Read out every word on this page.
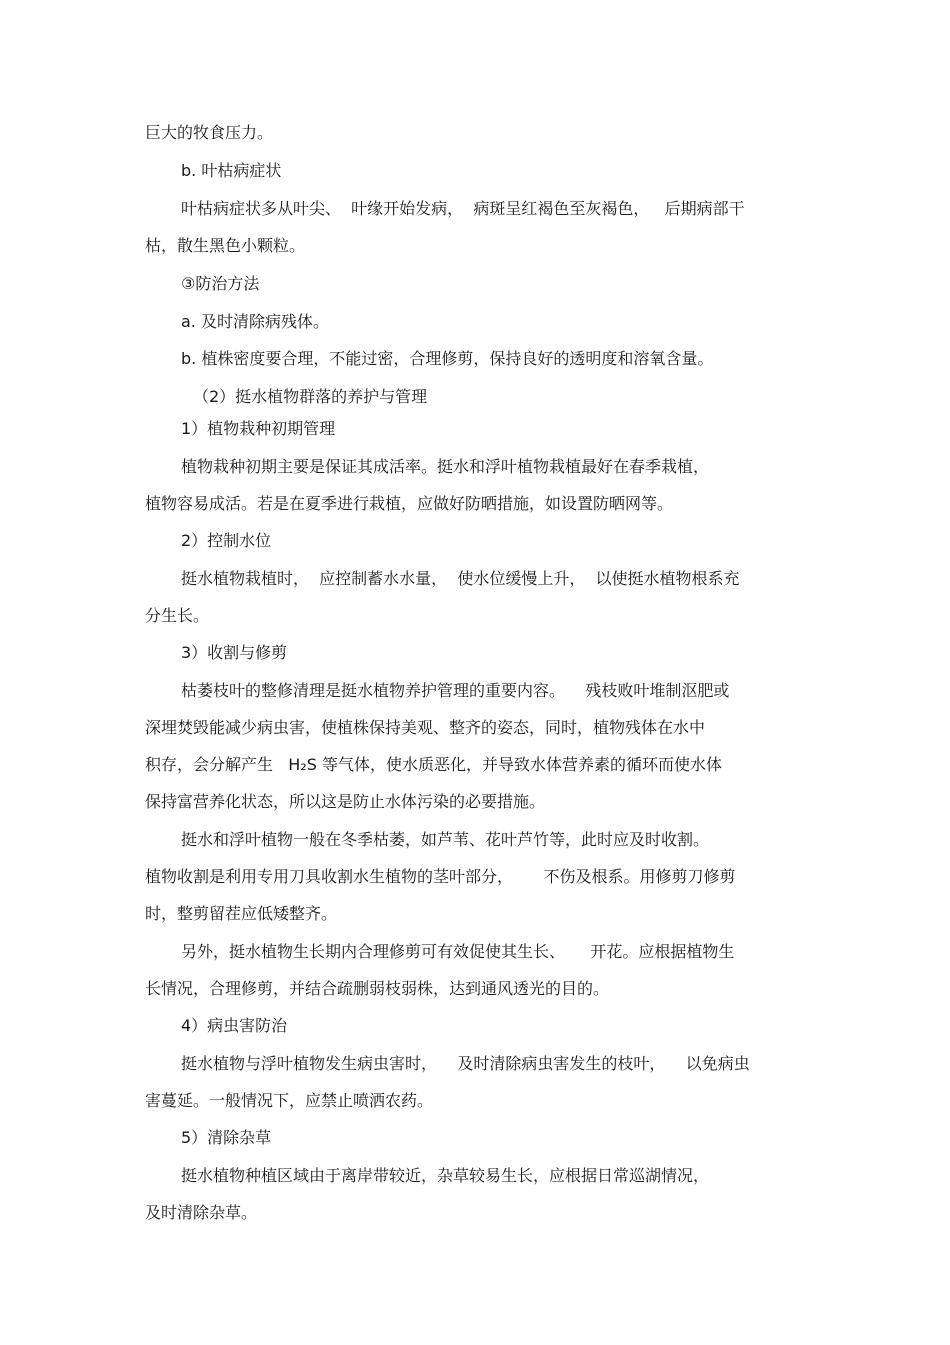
巨大的牧食压力。

b. 叶枯病症状

叶枯病症状多从叶尖、  叶缘开始发病，  病斑呈红褐色至灰褐色，   后期病部干

枯，散生黑色小颗粒。

③防治方法

a. 及时清除病残体。

b. 植株密度要合理，不能过密，合理修剪，保持良好的透明度和溶氧含量。

（2）挺水植物群落的养护与管理

1）植物栽种初期管理

植物栽种初期主要是保证其成活率。挺水和浮叶植物栽植最好在春季栽植，

植物容易成活。若是在夏季进行栽植，应做好防晒措施，如设置防晒网等。

2）控制水位

挺水植物栽植时，  应控制蓄水水量，  使水位缓慢上升，  以使挺水植物根系充

分生长。

3）收割与修剪

枯萎枝叶的整修清理是挺水植物养护管理的重要内容。    残枝败叶堆制沤肥或

深埋焚毁能减少病虫害，使植株保持美观、整齐的姿态，同时，植物残体在水中

积存，会分解产生   H₂S 等气体，使水质恶化，并导致水体营养素的循环而使水体

保持富营养化状态，所以这是防止水体污染的必要措施。

挺水和浮叶植物一般在冬季枯萎，如芦苇、花叶芦竹等，此时应及时收割。

植物收割是利用专用刀具收割水生植物的茎叶部分，      不伤及根系。用修剪刀修剪

时，整剪留茬应低矮整齐。

另外，挺水植物生长期内合理修剪可有效促使其生长、     开花。应根据植物生

长情况，合理修剪，并结合疏删弱枝弱株，达到通风透光的目的。

4）病虫害防治

挺水植物与浮叶植物发生病虫害时，    及时清除病虫害发生的枝叶，    以免病虫

害蔓延。一般情况下，应禁止喷洒农药。

5）清除杂草

挺水植物种植区域由于离岸带较近，杂草较易生长，应根据日常巡湖情况，

及时清除杂草。
